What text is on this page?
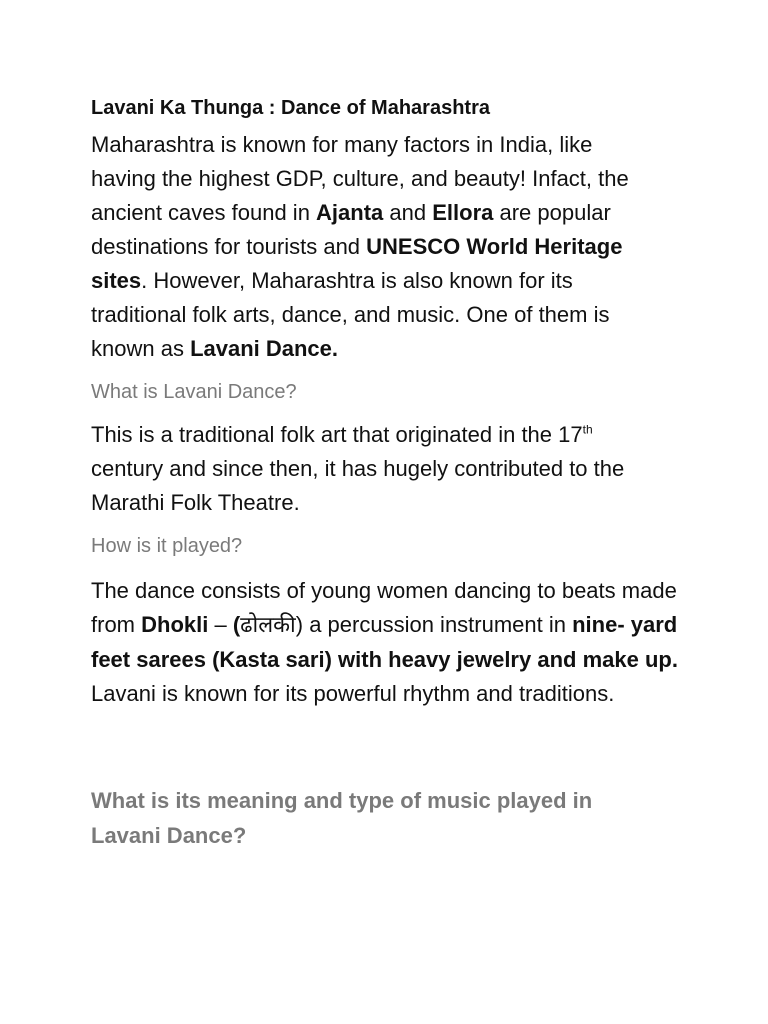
Lavani Ka Thunga : Dance of Maharashtra

Maharashtra is known for many factors in India, like having the highest GDP, culture, and beauty! Infact, the ancient caves found in Ajanta and Ellora are popular destinations for tourists and UNESCO World Heritage sites. However, Maharashtra is also known for its traditional folk arts, dance, and music. One of them is known as Lavani Dance.

What is Lavani Dance?

This is a traditional folk art that originated in the 17th century and since then, it has hugely contributed to the Marathi Folk Theatre.

How is it played?

The dance consists of young women dancing to beats made from Dhokli – (ढोलकी) a percussion instrument in nine- yard feet sarees (Kasta sari) with heavy jewelry and make up. Lavani is known for its powerful rhythm and traditions.

What is its meaning and type of music played in Lavani Dance?
